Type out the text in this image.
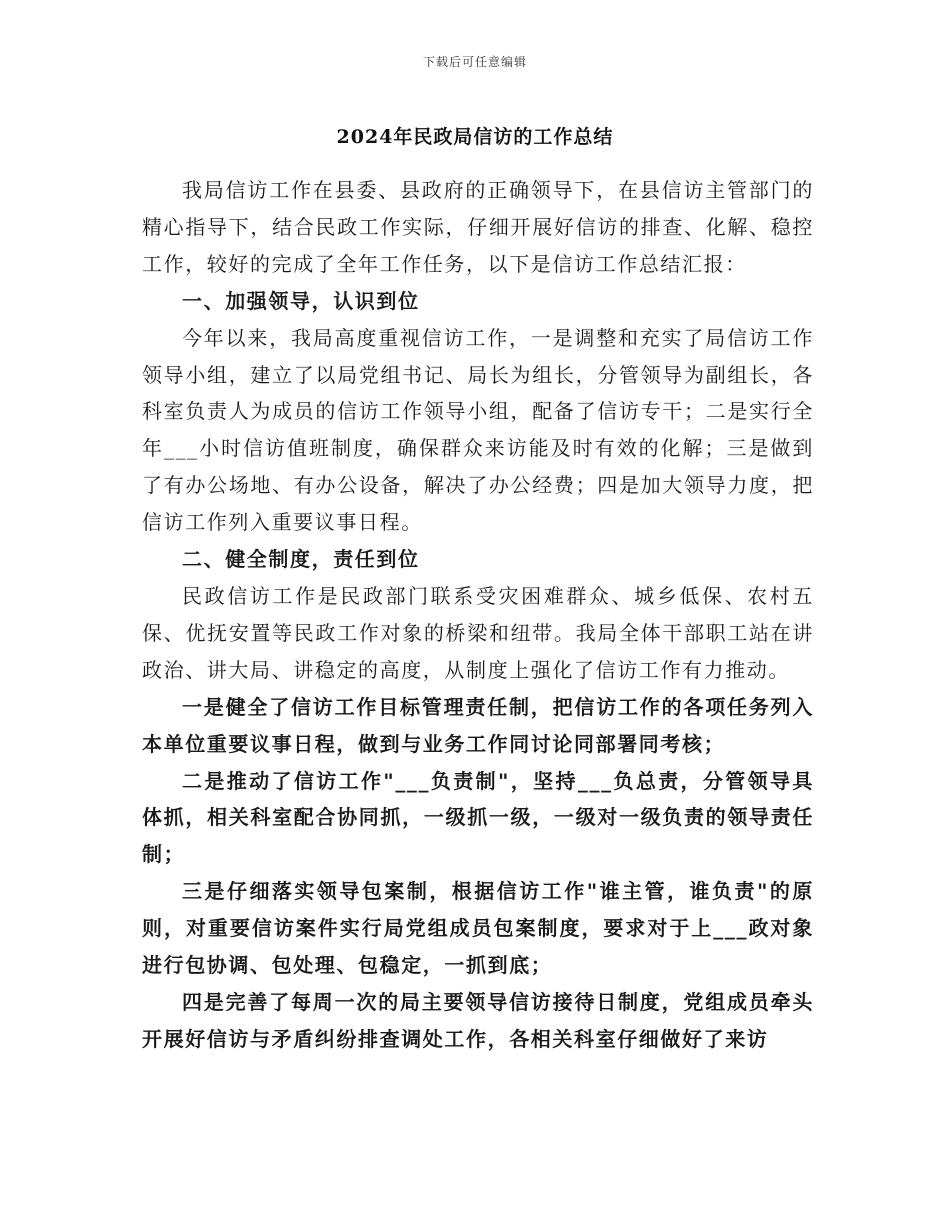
下载后可任意编辑
2024年民政局信访的工作总结

我局信访工作在县委、县政府的正确领导下，在县信访主管部门的精心指导下，结合民政工作实际，仔细开展好信访的排查、化解、稳控工作，较好的完成了全年工作任务，以下是信访工作总结汇报：

一、加强领导，认识到位

今年以来，我局高度重视信访工作，一是调整和充实了局信访工作领导小组，建立了以局党组书记、局长为组长，分管领导为副组长，各科室负责人为成员的信访工作领导小组，配备了信访专干；二是实行全年___小时信访值班制度，确保群众来访能及时有效的化解；三是做到了有办公场地、有办公设备，解决了办公经费；四是加大领导力度，把信访工作列入重要议事日程。

二、健全制度，责任到位

民政信访工作是民政部门联系受灾困难群众、城乡低保、农村五保、优抚安置等民政工作对象的桥梁和纽带。我局全体干部职工站在讲政治、讲大局、讲稳定的高度，从制度上强化了信访工作有力推动。

一是健全了信访工作目标管理责任制，把信访工作的各项任务列入本单位重要议事日程，做到与业务工作同讨论同部署同考核；

二是推动了信访工作"___负责制"，坚持___负总责，分管领导具体抓，相关科室配合协同抓，一级抓一级，一级对一级负责的领导责任制；

三是仔细落实领导包案制，根据信访工作"谁主管，谁负责"的原则，对重要信访案件实行局党组成员包案制度，要求对于上___政对象进行包协调、包处理、包稳定，一抓到底；

四是完善了每周一次的局主要领导信访接待日制度，党组成员牵头开展好信访与矛盾纠纷排查调处工作，各相关科室仔细做好了来访
